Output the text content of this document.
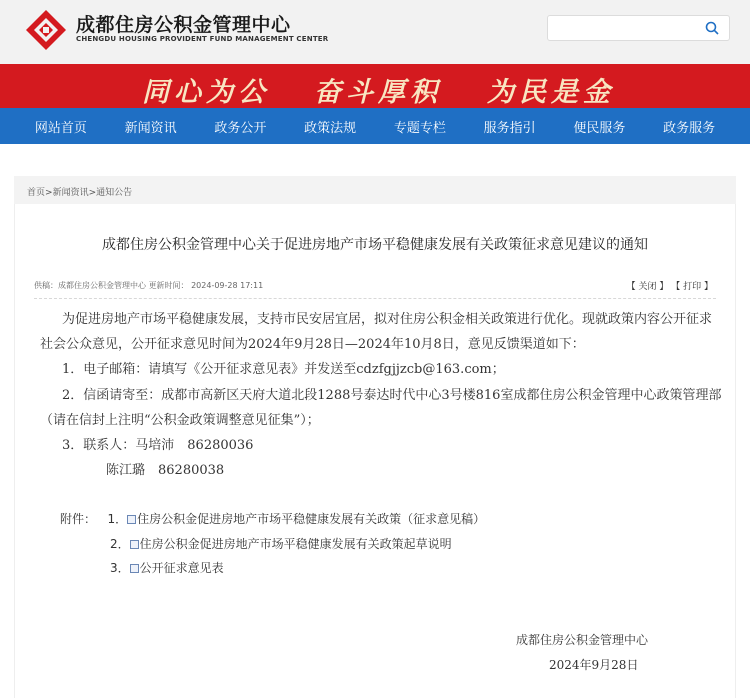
成都住房公积金管理中心
CHENGDU HOUSING PROVIDENT FUND MANAGEMENT CENTER
同心为公 奋斗厚积 为民是金
网站首页	新闻资讯	政务公开	政策法规	专题专栏	服务指引	便民服务	政务服务
首页>新闻资讯>通知公告
成都住房公积金管理中心关于促进房地产市场平稳健康发展有关政策征求意见建议的通知
供稿：成都住房公积金管理中心 更新时间： 2024-09-28 17:11	【 关闭 】 【 打印 】
为促进房地产市场平稳健康发展，支持市民安居宜居，拟对住房公积金相关政策进行优化。现就政策内容公开征求
社会公众意见，公开征求意见时间为2024年9月28日—2024年10月8日，意见反馈渠道如下：
1．电子邮箱：请填写《公开征求意见表》并发送至cdzfgjjzcb@163.com；
2．信函请寄至：成都市高新区天府大道北段1288号泰达时代中心3号楼816室成都住房公积金管理中心政策管理部
（请在信封上注明“公积金政策调整意见征集”）；
3．联系人：马培沛　86280036
陈江璐　86280038
附件： 1． 住房公积金促进房地产市场平稳健康发展有关政策（征求意见稿）
2． 住房公积金促进房地产市场平稳健康发展有关政策起草说明
3． 公开征求意见表
成都住房公积金管理中心
2024年9月28日
